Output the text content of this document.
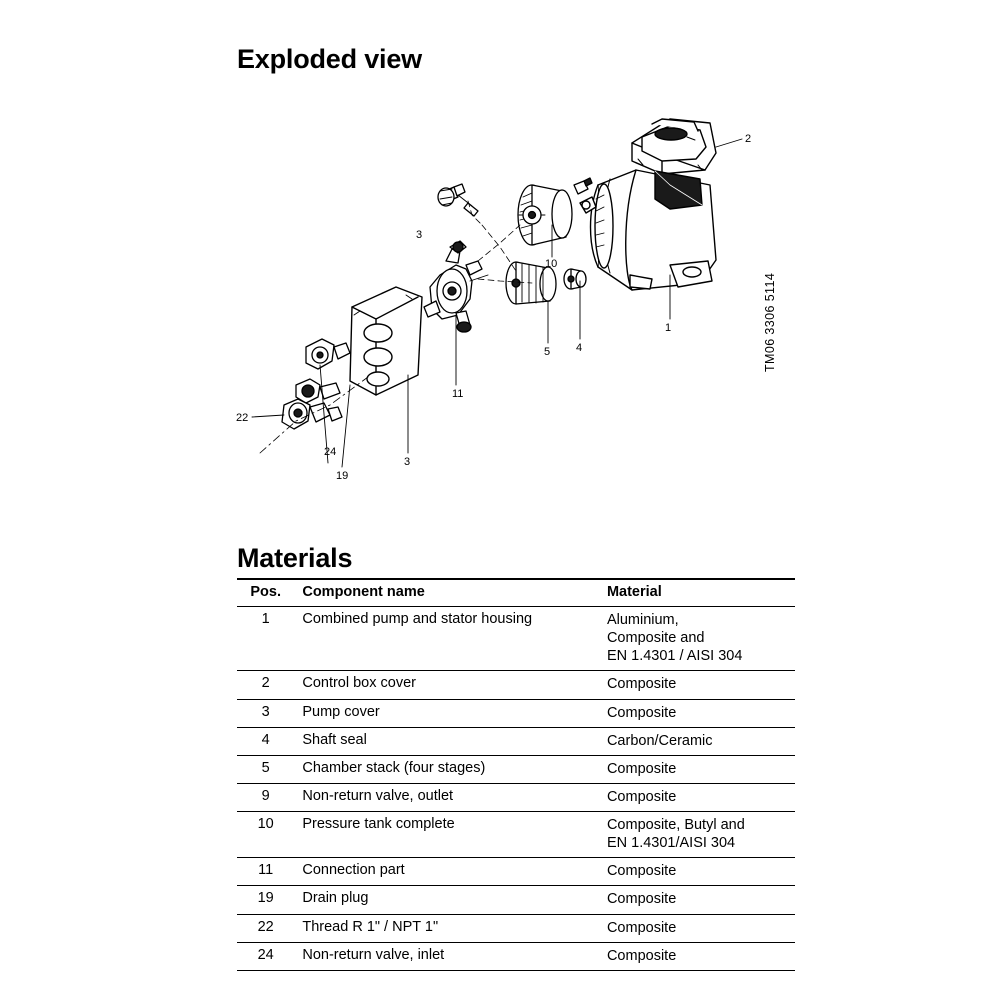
Exploded view
2
1
10
4
5
11
3
19
24
22
3
TM06 3306 5114
Materials
Pos.	Component name	Material
1	Combined pump and stator housing	Aluminium,
Composite and
EN 1.4301 / AISI 304

2	Control box cover	Composite

3	Pump cover	Composite

4	Shaft seal	Carbon/Ceramic

5	Chamber stack (four stages)	Composite

9	Non-return valve, outlet	Composite

10	Pressure tank complete	Composite, Butyl and
EN 1.4301/AISI 304

11	Connection part	Composite

19	Drain plug	Composite

22	Thread R 1" / NPT 1"	Composite

24	Non-return valve, inlet	Composite
